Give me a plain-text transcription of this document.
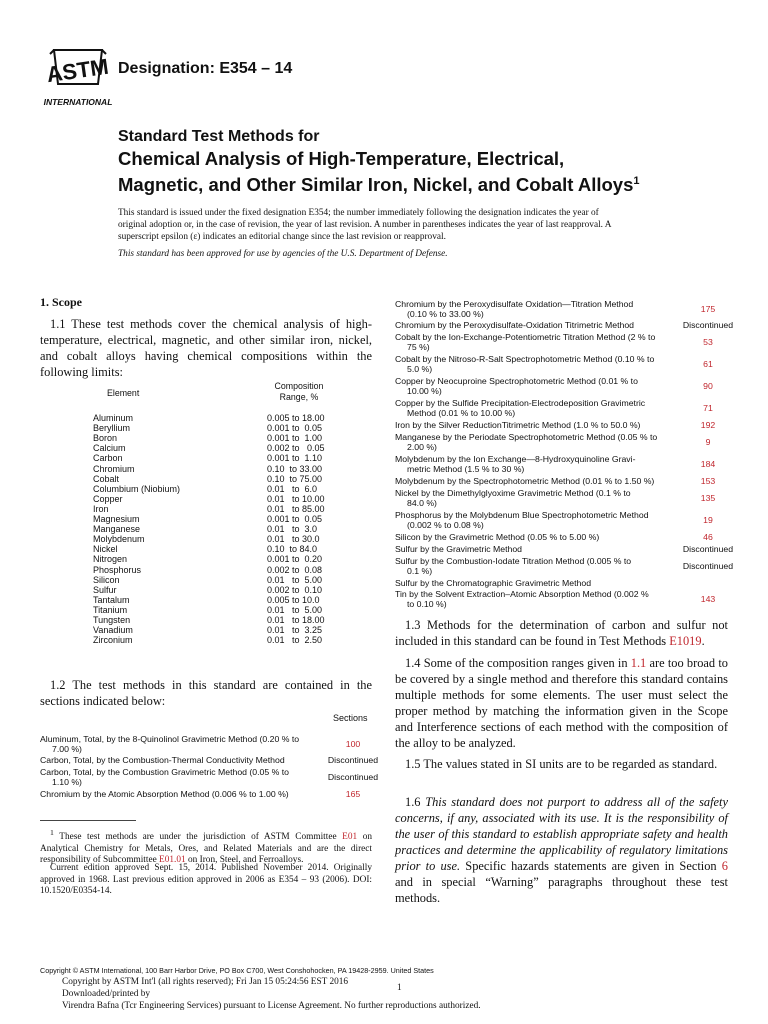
ASTM
INTERNATIONAL
Designation: E354 – 14
Standard Test Methods for
Chemical Analysis of High-Temperature, Electrical,
Magnetic, and Other Similar Iron, Nickel, and Cobalt Alloys$^1$
This standard is issued under the fixed designation E354; the number immediately following the designation indicates the year of
original adoption or, in the case of revision, the year of last revision. A number in parentheses indicates the year of last reapproval. A
superscript epsilon (ε) indicates an editorial change since the last revision or reapproval.
This standard has been approved for use by agencies of the U.S. Department of Defense.
1. Scope
1.1 These test methods cover the chemical analysis of high-temperature, electrical, magnetic, and other similar iron, nickel, and cobalt alloys having chemical compositions within the following limits:
Element
Composition
Range, %
Aluminum	0.005 to 18.00
Beryllium	0.001 to  0.05
Boron	0.001 to  1.00
Calcium	0.002 to   0.05
Carbon	0.001 to  1.10
Chromium	0.10  to 33.00
Cobalt	0.10  to 75.00
Columbium (Niobium)	0.01   to  6.0
Copper	0.01   to 10.00
Iron	0.01   to 85.00
Magnesium	0.001 to  0.05
Manganese	0.01   to  3.0
Molybdenum	0.01   to 30.0
Nickel	0.10  to 84.0
Nitrogen	0.001 to  0.20
Phosphorus	0.002 to  0.08
Silicon	0.01   to  5.00
Sulfur	0.002 to  0.10
Tantalum	0.005 to 10.0
Titanium	0.01   to  5.00
Tungsten	0.01   to 18.00
Vanadium	0.01   to  3.25
Zirconium	0.01   to  2.50
1.2 The test methods in this standard are contained in the sections indicated below:
Sections
Aluminum, Total, by the 8-Quinolinol Gravimetric Method (0.20 % to
7.00 %)	100
Carbon, Total, by the Combustion-Thermal Conductivity Method	Discontinued
Carbon, Total, by the Combustion Gravimetric Method (0.05 % to
1.10 %)	Discontinued
Chromium by the Atomic Absorption Method (0.006 % to 1.00 %)	165
Chromium by the Peroxydisulfate Oxidation—Titration Method
(0.10 % to 33.00 %)	175
Chromium by the Peroxydisulfate-Oxidation Titrimetric Method	Discontinued
Cobalt by the Ion-Exchange-Potentiometric Titration Method (2 % to
75 %)	53
Cobalt by the Nitroso-R-Salt Spectrophotometric Method (0.10 % to
5.0 %)	61
Copper by Neocuproine Spectrophotometric Method (0.01 % to
10.00 %)	90
Copper by the Sulfide Precipitation-Electrodeposition Gravimetric
Method (0.01 % to 10.00 %)	71
Iron by the Silver ReductionTitrimetric Method (1.0 % to 50.0 %)	192
Manganese by the Periodate Spectrophotometric Method (0.05 % to
2.00 %)	9
Molybdenum by the Ion Exchange—8-Hydroxyquinoline Gravi-
metric Method (1.5 % to 30 %)	184
Molybdenum by the Spectrophotometric Method (0.01 % to 1.50 %)	153
Nickel by the Dimethylglyoxime Gravimetric Method (0.1 % to
84.0 %)	135
Phosphorus by the Molybdenum Blue Spectrophotometric Method
(0.002 % to 0.08 %)	19
Silicon by the Gravimetric Method (0.05 % to 5.00 %)	46
Sulfur by the Gravimetric Method	Discontinued
Sulfur by the Combustion-Iodate Titration Method (0.005 % to
0.1 %)	Discontinued
Sulfur by the Chromatographic Gravimetric Method
Tin by the Solvent Extraction–Atomic Absorption Method (0.002 %
to 0.10 %)	143
$^1$ These test methods are under the jurisdiction of ASTM Committee E01 on Analytical Chemistry for Metals, Ores, and Related Materials and are the direct responsibility of Subcommittee E01.01 on Iron, Steel, and Ferroalloys.
Current edition approved Sept. 15, 2014. Published November 2014. Originally approved in 1968. Last previous edition approved in 2006 as E354 – 93 (2006). DOI: 10.1520/E0354-14.
1.3 Methods for the determination of carbon and sulfur not included in this standard can be found in Test Methods E1019.
1.4 Some of the composition ranges given in 1.1 are too broad to be covered by a single method and therefore this standard contains multiple methods for some elements. The user must select the proper method by matching the information given in the Scope and Interference sections of each method with the composition of the alloy to be analyzed.
1.5 The values stated in SI units are to be regarded as standard.
1.6 This standard does not purport to address all of the safety concerns, if any, associated with its use. It is the responsibility of the user of this standard to establish appropriate safety and health practices and determine the applicability of regulatory limitations prior to use. Specific hazards statements are given in Section 6 and in special “Warning” paragraphs throughout these test methods.
Copyright © ASTM International, 100 Barr Harbor Drive, PO Box C700, West Conshohocken, PA 19428-2959. United States
Copyright by ASTM Int'l (all rights reserved); Fri Jan 15 05:24:56 EST 2016
Downloaded/printed by
Virendra Bafna (Tcr Engineering Services) pursuant to License Agreement. No further reproductions authorized.
1
